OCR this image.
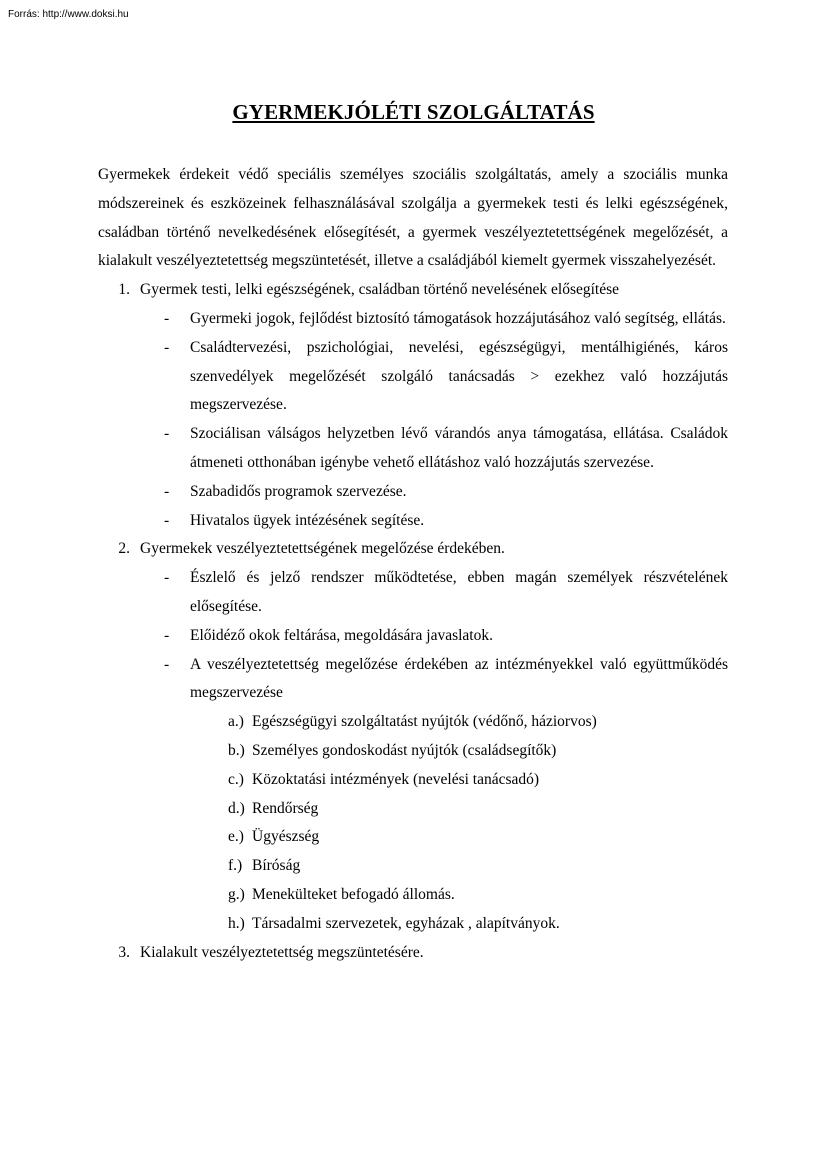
Forrás: http://www.doksi.hu
GYERMEKJÓLÉTI SZOLGÁLTATÁS

Gyermekek érdekeit védő speciális személyes szociális szolgáltatás, amely a szociális munka módszereinek és eszközeinek felhasználásával szolgálja a gyermekek testi és lelki egészségének, családban történő nevelkedésének elősegítését, a gyermek veszélyeztetettségének megelőzését, a kialakult veszélyeztetettség megszüntetését, illetve a családjából kiemelt gyermek visszahelyezését.

1. Gyermek testi, lelki egészségének, családban történő nevelésének elősegítése
-	Gyermeki jogok, fejlődést biztosító támogatások hozzájutásához való segítség, ellátás.
-	Családtervezési, pszichológiai, nevelési, egészségügyi, mentálhigiénés, káros szenvedélyek megelőzését szolgáló tanácsadás > ezekhez való hozzájutás megszervezése.
-	Szociálisan válságos helyzetben lévő várandós anya támogatása, ellátása. Családok átmeneti otthonában igénybe vehető ellátáshoz való hozzájutás szervezése.
-	Szabadidős programok szervezése.
-	Hivatalos ügyek intézésének segítése.
2. Gyermekek veszélyeztetettségének megelőzése érdekében.
-	Észlelő és jelző rendszer működtetése, ebben magán személyek részvételének elősegítése.
-	Előidéző okok feltárása, megoldására javaslatok.
-	A veszélyeztetettség megelőzése érdekében az intézményekkel való együttműködés megszervezése
a.) Egészségügyi szolgáltatást nyújtók (védőnő, háziorvos)
b.) Személyes gondoskodást nyújtók (családsegítők)
c.) Közoktatási intézmények (nevelési tanácsadó)
d.) Rendőrség
e.) Ügyészség
f.) Bíróság
g.) Menekülteket befogadó állomás.
h.) Társadalmi szervezetek, egyházak , alapítványok.
3. Kialakult veszélyeztetettség megszüntetésére.
